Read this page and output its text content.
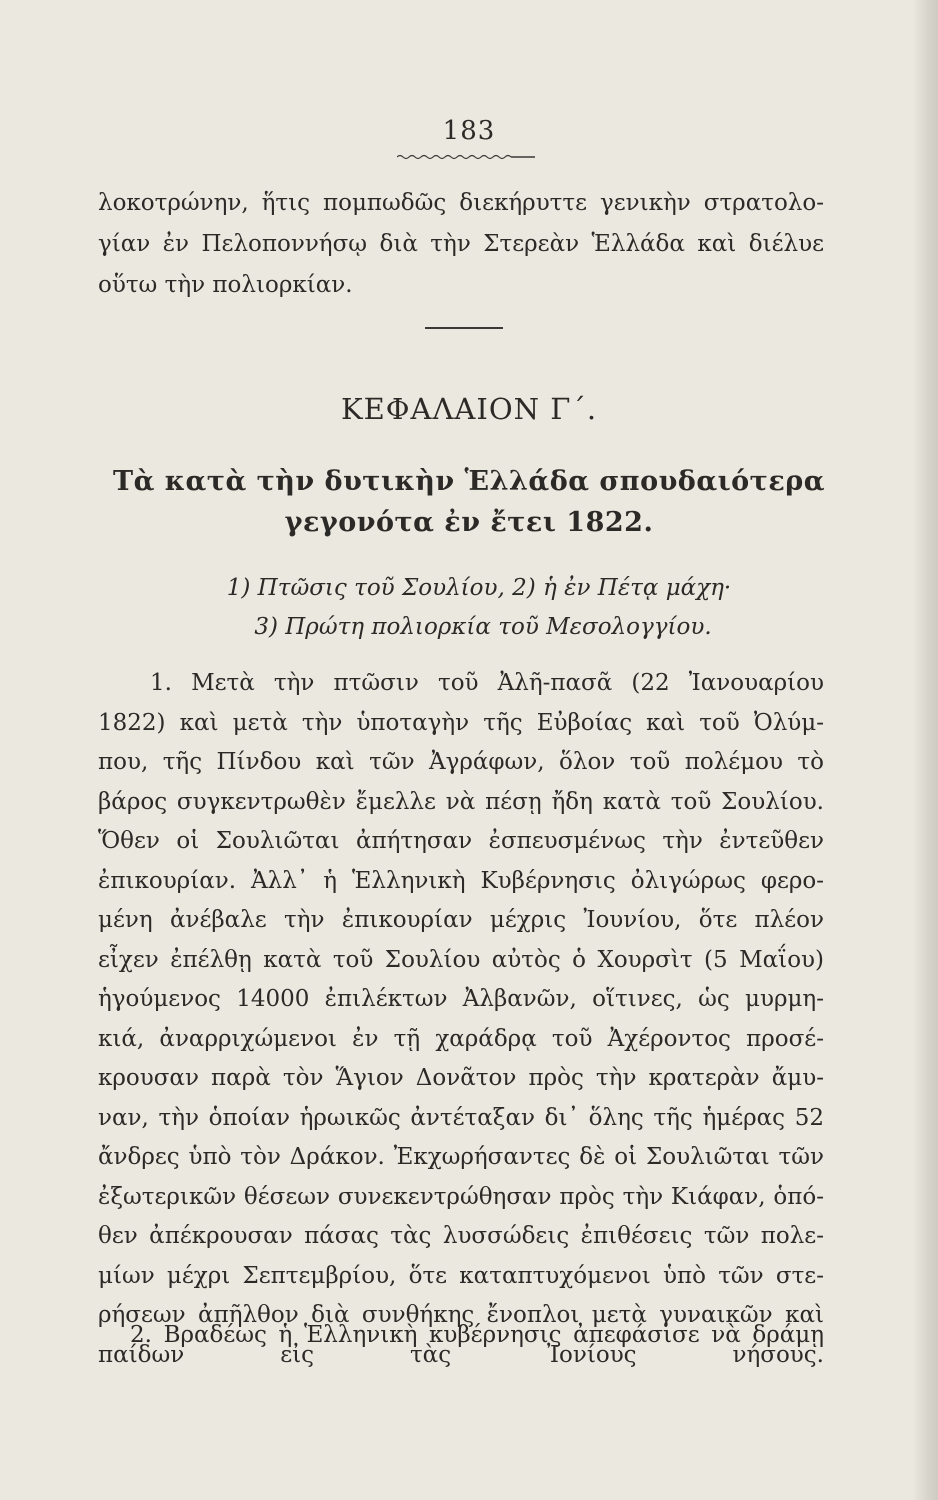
183
λοκοτρώνην, ἥτις πομπωδῶς διεκήρυττε γενικὴν στρατολο-
γίαν ἐν Πελοποννήσῳ διὰ τὴν Στερεὰν Ἑλλάδα καὶ διέλυε
οὕτω τὴν πολιορκίαν.
ΚΕΦΑΛΑΙΟΝ Γ΄.
Τὰ κατὰ τὴν δυτικὴν Ἑλλάδα σπουδαιότερα
γεγονότα ἐν ἔτει 1822.
1) Πτῶσις τοῦ Σουλίου, 2) ἡ ἐν Πέτᾳ μάχη·
3) Πρώτη πολιορκία τοῦ Μεσολογγίου.
1. Μετὰ τὴν πτῶσιν τοῦ Ἀλῆ-πασᾶ (22 Ἰανουαρίου
1822) καὶ μετὰ τὴν ὑποταγὴν τῆς Εὐβοίας καὶ τοῦ Ὀλύμ-
που, τῆς Πίνδου καὶ τῶν Ἀγράφων, ὅλον τοῦ πολέμου τὸ
βάρος συγκεντρωθὲν ἔμελλε νὰ πέσῃ ἤδη κατὰ τοῦ Σουλίου.
Ὅθεν οἱ Σουλιῶται ἀπήτησαν ἐσπευσμένως τὴν ἐντεῦθεν
ἐπικουρίαν. Ἀλλ᾽ ἡ Ἑλληνικὴ Κυβέρνησις ὀλιγώρως φερο-
μένη ἀνέβαλε τὴν ἐπικουρίαν μέχρις Ἰουνίου, ὅτε πλέον
εἶχεν ἐπέλθῃ κατὰ τοῦ Σουλίου αὐτὸς ὁ Χουρσὶτ (5 Μαΐου)
ἡγούμενος 14000 ἐπιλέκτων Ἀλβανῶν, οἵτινες, ὡς μυρμη-
κιά, ἀναρριχώμενοι ἐν τῇ χαράδρᾳ τοῦ Ἀχέροντος προσέ-
κρουσαν παρὰ τὸν Ἅγιον Δονᾶτον πρὸς τὴν κρατερὰν ἄμυ-
ναν, τὴν ὁποίαν ἡρωικῶς ἀντέταξαν δι᾽ ὅλης τῆς ἡμέρας 52
ἄνδρες ὑπὸ τὸν Δράκον. Ἐκχωρήσαντες δὲ οἱ Σουλιῶται τῶν
ἐξωτερικῶν θέσεων συνεκεντρώθησαν πρὸς τὴν Κιάφαν, ὁπό-
θεν ἀπέκρουσαν πάσας τὰς λυσσώδεις ἐπιθέσεις τῶν πολε-
μίων μέχρι Σεπτεμβρίου, ὅτε καταπτυχόμενοι ὑπὸ τῶν στε-
ρήσεων ἀπῆλθον διὰ συνθήκης ἔνοπλοι μετὰ γυναικῶν καὶ
παίδων εἰς τὰς Ἰονίους νήσους.
2. Βραδέως ἡ Ἑλληνικὴ κυβέρνησις ἀπεφάσισε νὰ δράμῃ
